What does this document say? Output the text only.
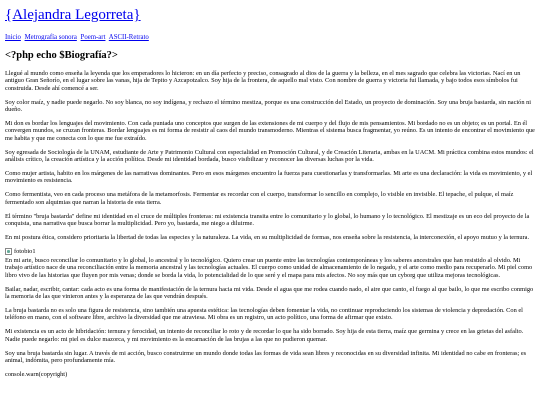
{Alejandra Legorreta}
Inicio Metrografía sonora Poem-art ASCII-Retrato
<?php echo $Biografía?>

Llegué al mundo como enseña la leyenda que los emperadores lo hicieron: en un día perfecto y preciso, consagrado al dios de la guerra y la belleza, en el mes sagrado que celebra las victorias. Nací en un antiguo Gran Señorío, en el lugar sobre las vanas, hija de Tepito y Azcapotzalco. Soy hija de la frontera, de aquello mal visto. Con nombre de guerra y victoria fui llamada, y bajo todos esos símbolos fui construida. Desde ahí comencé a ser.

Soy color maíz, y nadie puede negarlo. No soy blanca, no soy indígena, y rechazo el término mestiza, porque es una construcción del Estado, un proyecto de dominación. Soy una bruja bastarda, sin nación ni dueño.

Mi don es bordar los lenguajes del movimiento. Con cada puntada uno conceptos que surgen de las extensiones de mi cuerpo y del flujo de mis pensamientos. Mi bordado no es un objeto; es un portal. En él convergen mundos, se cruzan fronteras. Bordar lenguajes es mi forma de resistir al caos del mundo transmoderno. Mientras el sistema busca fragmentar, yo reúno. Es un intento de encontrar el movimiento que me habita y que me conecta con lo que me fue extraído.

Soy egresada de Sociología de la UNAM, estudiante de Arte y Patrimonio Cultural con especialidad en Promoción Cultural, y de Creación Literaria, ambas en la UACM. Mi práctica combina estos mundos: el análisis crítico, la creación artística y la acción política. Desde mi identidad bordada, busco visibilizar y reconocer las diversas luchas por la vida.

Como mujer artista, habito en los márgenes de las narrativas dominantes. Pero en esos márgenes encuentro la fuerza para cuestionarlas y transformarlas. Mi arte es una declaración: la vida es movimiento, y el movimiento es resistencia.

Como fermentista, veo en cada proceso una metáfora de la metamorfosis. Fermentar es recordar con el cuerpo, transformar lo sencillo en complejo, lo visible en invisible. El tepache, el pulque, el maíz fermentado son alquimias que narran la historia de esta tierra.

El término "bruja bastarda" define mi identidad en el cruce de múltiples fronteras: mi existencia transita entre lo comunitario y lo global, lo humano y lo tecnológico. El mestizaje es un eco del proyecto de la conquista, una narrativa que busca borrar la multiplicidad. Pero yo, bastarda, me niego a diluirme.

En mi postura ética, considero prioritaria la libertad de todas las especies y la naturaleza. La vida, en su multiplicidad de formas, nos enseña sobre la resistencia, la interconexión, el apoyo mutuo y la ternura.

fotobio1

En mi arte, busco reconciliar lo comunitario y lo global, lo ancestral y lo tecnológico. Quiero crear un puente entre las tecnologías contemporáneas y los saberes ancestrales que han resistido al olvido. Mi trabajo artístico nace de una reconciliación entre la memoria ancestral y las tecnologías actuales. El cuerpo como unidad de almacenamiento de lo negado, y el arte como medio para recuperarlo. Mi piel como libro vivo de las historias que fluyen por mis venas; donde se borda la vida, lo potencialidad de lo que seré y el mapa para mis afectos. No soy más que un cyborg que utiliza mejoras tecnológicas.

Bailar, nadar, escribir, cantar: cada acto es una forma de manifestación de la ternura hacia mi vida. Desde el agua que me rodea cuando nado, el aire que canto, el fuego al que bailo, lo que me escribo conmigo la memoria de las que vinieron antes y la esperanza de las que vendrán después.

La bruja bastarda no es solo una figura de resistencia, sino también una apuesta estética: las tecnologías deben fomentar la vida, no continuar reproduciendo los sistemas de violencia y depredación. Con el teléfono en mano, con el software libre, archivo la diversidad que me atraviesa. Mi obra es un registro, un acto político, una forma de afirmar que existo.

Mi existencia es un acto de hibridación: ternura y ferocidad, un intento de reconciliar lo roto y de recordar lo que ha sido borrado. Soy hija de esta tierra, maíz que germina y crece en las grietas del asfalto. Nadie puede negarlo: mi piel es dulce mazorca, y mi movimiento es la encarnación de las brujas a las que no pudieron quemar.

Soy una bruja bastarda sin lugar. A través de mi acción, busco construirme un mundo donde todas las formas de vida sean libres y reconocidas en su diversidad infinita. Mi identidad no cabe en fronteras; es animal, indómita, pero profundamente mía.

console.warn(copyright)
